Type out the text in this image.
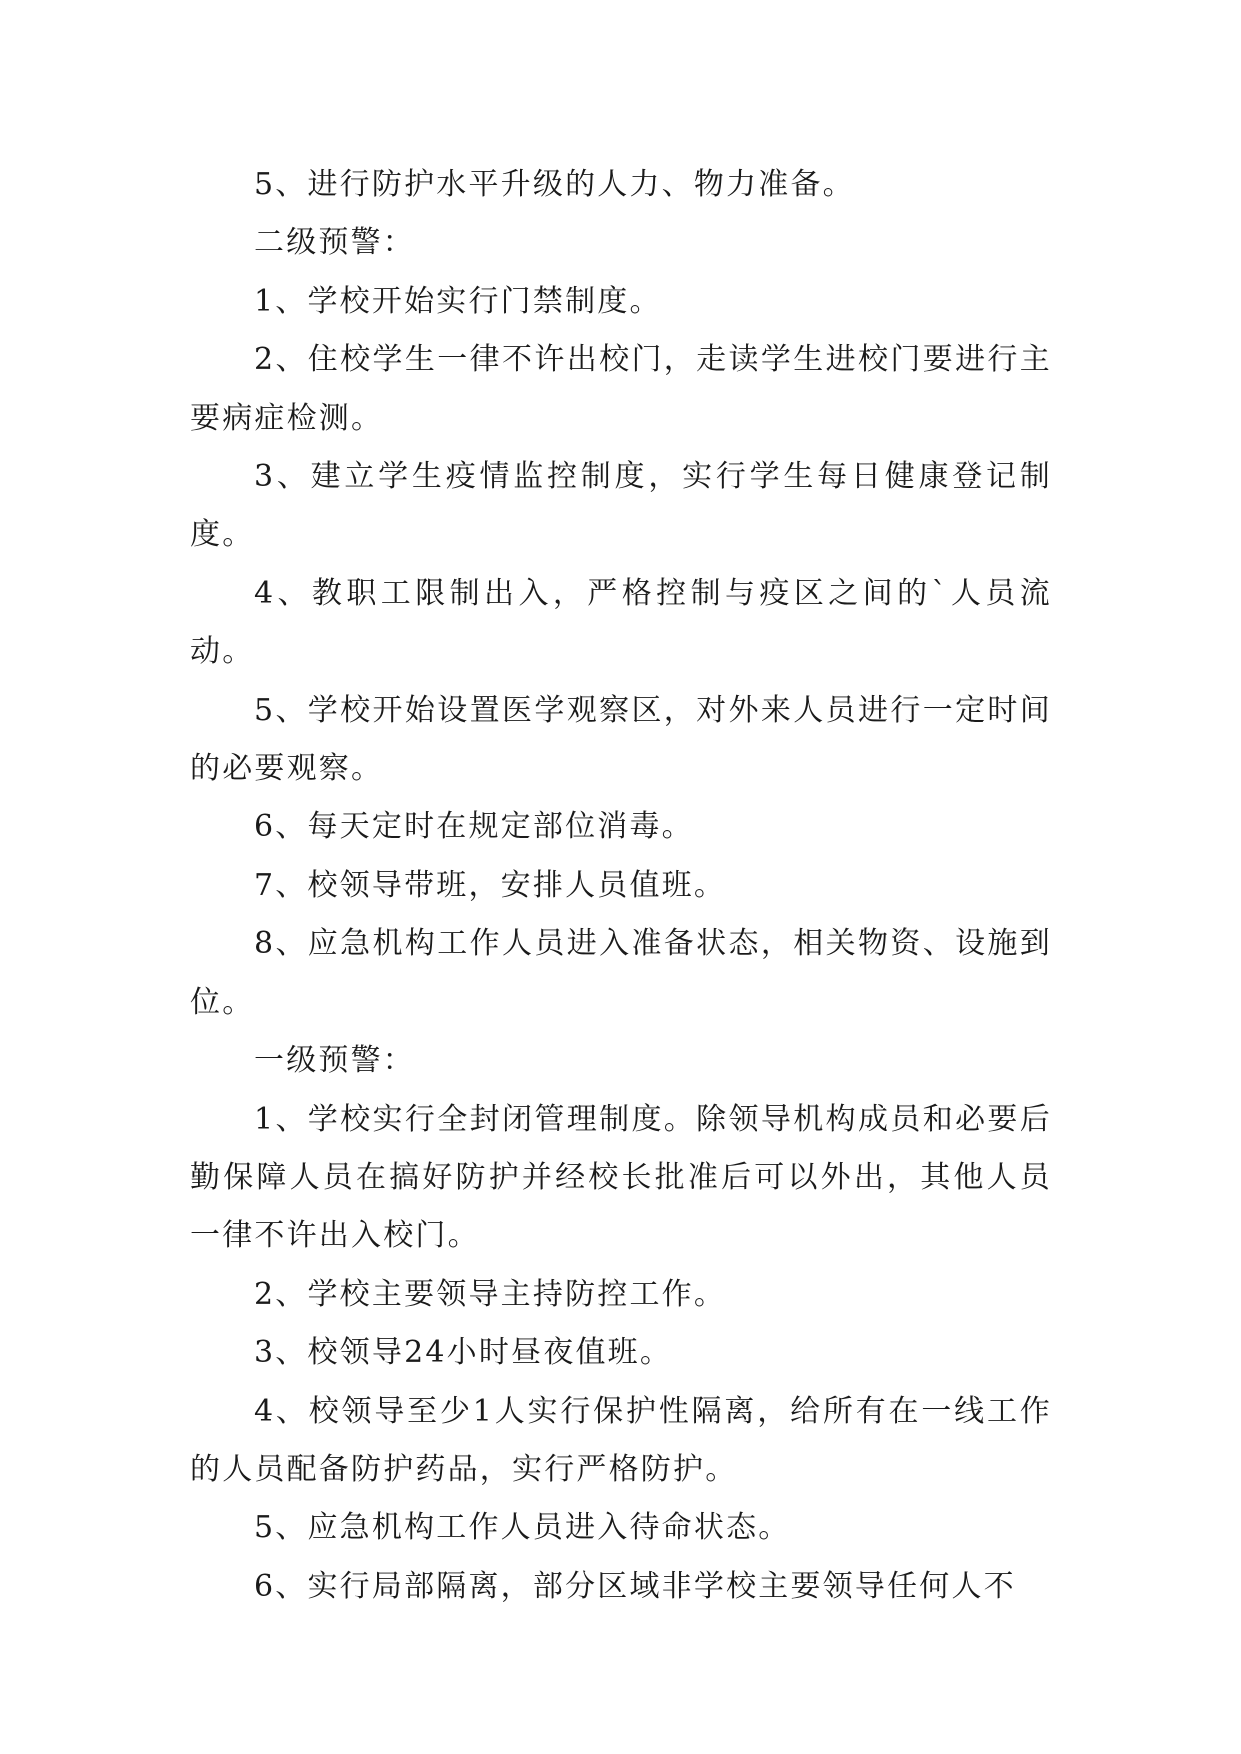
5、进行防护水平升级的人力、物力准备。

二级预警：

1、学校开始实行门禁制度。

2、住校学生一律不许出校门，走读学生进校门要进行主要病症检测。

3、建立学生疫情监控制度，实行学生每日健康登记制度。

4、教职工限制出入，严格控制与疫区之间的`人员流动。

5、学校开始设置医学观察区，对外来人员进行一定时间的必要观察。

6、每天定时在规定部位消毒。

7、校领导带班，安排人员值班。

8、应急机构工作人员进入准备状态，相关物资、设施到位。

一级预警：

1、学校实行全封闭管理制度。除领导机构成员和必要后勤保障人员在搞好防护并经校长批准后可以外出，其他人员一律不许出入校门。

2、学校主要领导主持防控工作。

3、校领导24小时昼夜值班。

4、校领导至少1人实行保护性隔离，给所有在一线工作的人员配备防护药品，实行严格防护。

5、应急机构工作人员进入待命状态。

6、实行局部隔离，部分区域非学校主要领导任何人不
